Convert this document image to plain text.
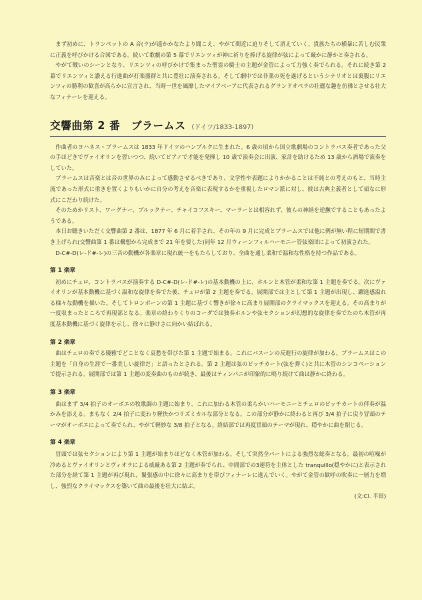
まず初めに、トランペットの A 音(ラ)が遥かかなたより聞こえ、やがて間近に迫りそして消えていく。貴族たちの横暴に苦しむ民衆に正義を呼びかける合図である。続いて歌劇の第 5 幕でリエンツィが神に祈りを捧げる旋律が弦によって厳かに静かと奏される。

やがて戦いのシーンとなり、リエンツィの呼びかけで集まった聖霊の騎士の主題が金管によって力強く奏でられる。それに続き第 2 幕でリエンツィと讃える行進曲が打楽器群と共に豊壮に演奏される。そして劇中では非業の死を遂げるというシナリオとは裏腹にリエンツィの勝利の歓喜が高らかに宣言され、当時一世を風靡したマイアベーアに代表されるグランドオペラの壮麗な趣を彷彿とさせる壮大なフィナーレを迎える。

交響曲第 2 番　ブラームス (ドイツ/1833-1897)

作曲者のヨハネス・ブラームスは 1833 年ドイツのハンブルクに生まれた。6 歳の頃から国立歌劇場のコントラバス奏者であった父の手ほどきでヴァイオリンを習いつつ、続いてピアノで才能を発揮し 10 歳で演奏会に出演、家計を助けるため 13 歳から酒場で演奏をしていた。

ブラームスは音楽とは音の世界のみによって感動させるべきであり、文学性や表題によりかかることは不純との考えのもと、当時主流であった形式に重きを置くよりもいかに自分の考えを音楽に表現するかを重視したロマン派に対し、彼は古典主義者として頑なに形式にこだわり続けた。

そのためかリスト、ワーグナー、ブルックナー、チャイコフスキー、マーラーとは相容れず、彼らの神経を逆撫ですることもあったようである。

本日お聴きいただく交響曲第 2 番は、1877 年 6 月に着手され、その年の 9 月に完成とブラームスでは他に例が無い程に短期間で書き上げられ(交響曲第 1 番は構想から完成まで 21 年を要した)同年 12 月ウィーンフィルハーモニー管弦楽団によって初演された。

D-C#-D(レ-ド#-レ)の三音の動機が各楽章に現れ統一をもたらしており、全曲を通し柔和で温和な性格を持つ作品である。

第 1 楽章

初めにチェロ、コントラバスが演奏する D-C#-D(レ-ド#-レ)の基本動機の上に、ホルンと木管が柔和な第 1 主題を奏でる。次にヴァイオリンが基本動機に基づく温和な旋律を奏でた後、チェロが第 2 主題を奏でる。展開部では主として第 1 主題が出現し、躍進感溢れる様々な動機を描いた。そしてトロンボーンの第 1 主題に基づく響きが徐々に高まり展開部のクライマックスを迎える。その高まりが一度収まったところで再現部となる。楽章の終わりくりのコーダでは独奏ホルンや弦セクションが幻想的な旋律を奏でたのち木管が再度基本動機に基づく旋律を示し、徐々に静けさに向かい結ばれる。

第 2 楽章

曲はチェロの奏でる優雅でどことなく哀愁を帯びた第 1 主題で始まる。これにバスーンの反進行の旋律が加わる。ブラームスはこの主題を「自身の生涯で一番美しい旋律だ」と語ったとされる。第 2 主題は弦のピッチカート(弦を弾く)と共に木管のシンコペーションで提示される。展開部では第 1 主題の変奏曲のものが続き、最後はティンパニが印象的に鳴り続けて曲は静かに終わる。

第 3 楽章

曲はまず 3/4 拍子のオーボエの牧歌調の主題に始まり、これに加わる木管の柔らかいハーモニーとチェロのピッチカートの伴奏が温かみを添える。まもなく 2/4 拍子に変わり軽快かつリズミカルな部分となる。この部分が静かに終わると再び 3/4 拍子に戻り冒頭のテーマがオーボエによって奏でられ、やがて軽妙な 3/8 拍子となる。終結部では再度冒頭のテーマが現れ、穏やかに曲を閉じる。

第 4 楽章

冒頭では弦セクションにより第 1 主題が始まりほどなく木管が加わる。そして突然全パートによる強烈な総奏となる。最初の喧噪が冷めるとヴァイオリンとヴィオラによる威厳ある第 2 主題が奏でられ、中間部での3連符を主体とした tranquillo(穏やかに)と表示された部分を経て第 1 主題が再び現れ、緊張感の中に徐々に高まりを帯びフィナーレに進んでいく。やがて金管の歓呼の吹奏に一層力を増し、強烈なクライマックスを築いて曲の最後を壮大に結ぶ。

(文:Cl. 半田)
